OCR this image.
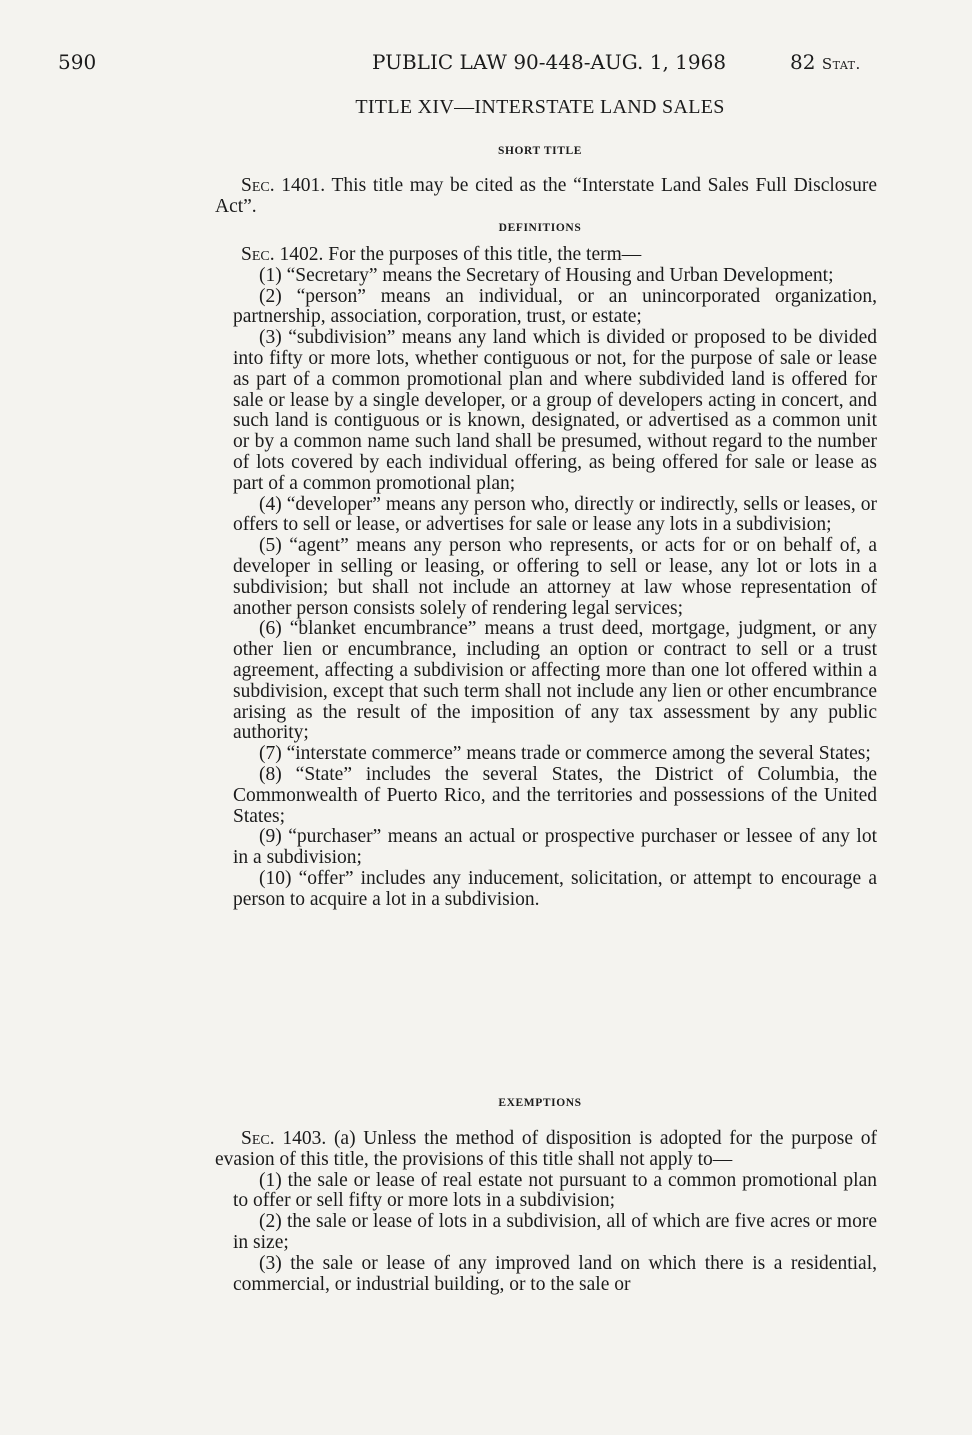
590	PUBLIC LAW 90-448-AUG. 1, 1968	82 Stat.
TITLE XIV—INTERSTATE LAND SALES
SHORT TITLE

Sec. 1401. This title may be cited as the “Interstate Land Sales Full Disclosure Act”.

DEFINITIONS

Sec. 1402. For the purposes of this title, the term—

(1) “Secretary” means the Secretary of Housing and Urban Development;

(2) “person” means an individual, or an unincorporated organization, partnership, association, corporation, trust, or estate;

(3) “subdivision” means any land which is divided or proposed to be divided into fifty or more lots, whether contiguous or not, for the purpose of sale or lease as part of a common promotional plan and where subdivided land is offered for sale or lease by a single developer, or a group of developers acting in concert, and such land is contiguous or is known, designated, or advertised as a common unit or by a common name such land shall be presumed, without regard to the number of lots covered by each individual offering, as being offered for sale or lease as part of a common promotional plan;

(4) “developer” means any person who, directly or indirectly, sells or leases, or offers to sell or lease, or advertises for sale or lease any lots in a subdivision;

(5) “agent” means any person who represents, or acts for or on behalf of, a developer in selling or leasing, or offering to sell or lease, any lot or lots in a subdivision; but shall not include an attorney at law whose representation of another person consists solely of rendering legal services;

(6) “blanket encumbrance” means a trust deed, mortgage, judgment, or any other lien or encumbrance, including an option or contract to sell or a trust agreement, affecting a subdivision or affecting more than one lot offered within a subdivision, except that such term shall not include any lien or other encumbrance arising as the result of the imposition of any tax assessment by any public authority;

(7) “interstate commerce” means trade or commerce among the several States;

(8) “State” includes the several States, the District of Columbia, the Commonwealth of Puerto Rico, and the territories and possessions of the United States;

(9) “purchaser” means an actual or prospective purchaser or lessee of any lot in a subdivision;

(10) “offer” includes any inducement, solicitation, or attempt to encourage a person to acquire a lot in a subdivision.

EXEMPTIONS

Sec. 1403. (a) Unless the method of disposition is adopted for the purpose of evasion of this title, the provisions of this title shall not apply to—

(1) the sale or lease of real estate not pursuant to a common promotional plan to offer or sell fifty or more lots in a subdivision;

(2) the sale or lease of lots in a subdivision, all of which are five acres or more in size;

(3) the sale or lease of any improved land on which there is a residential, commercial, or industrial building, or to the sale or
